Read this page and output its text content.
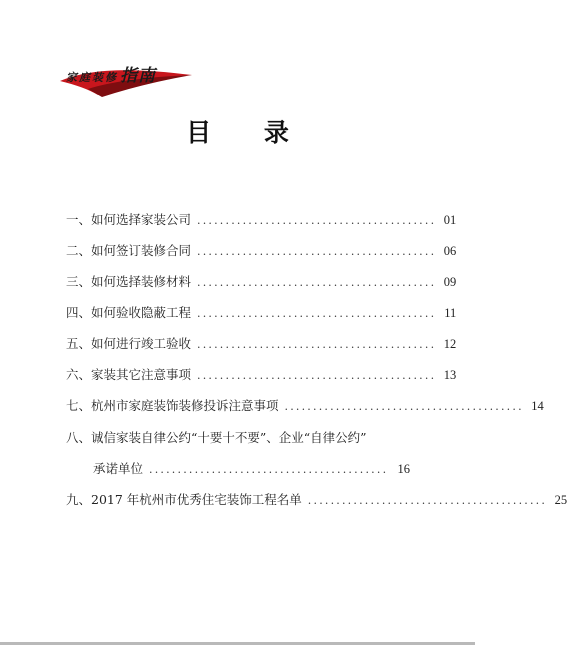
家庭装修 指南
目 录
一、如何选择家装公司 .......................................... 01
二、如何签订装修合同 .......................................... 06
三、如何选择装修材料 .......................................... 09
四、如何验收隐蔽工程 .......................................... 11
五、如何进行竣工验收 .......................................... 12
六、家装其它注意事项 .......................................... 13
七、杭州市家庭装饰装修投诉注意事项 .......................................... 14
八、诚信家装自律公约“十要十不要”、企业“自律公约”
承诺单位 .......................................... 16
九、2017 年杭州市优秀住宅装饰工程名单 .......................................... 25
